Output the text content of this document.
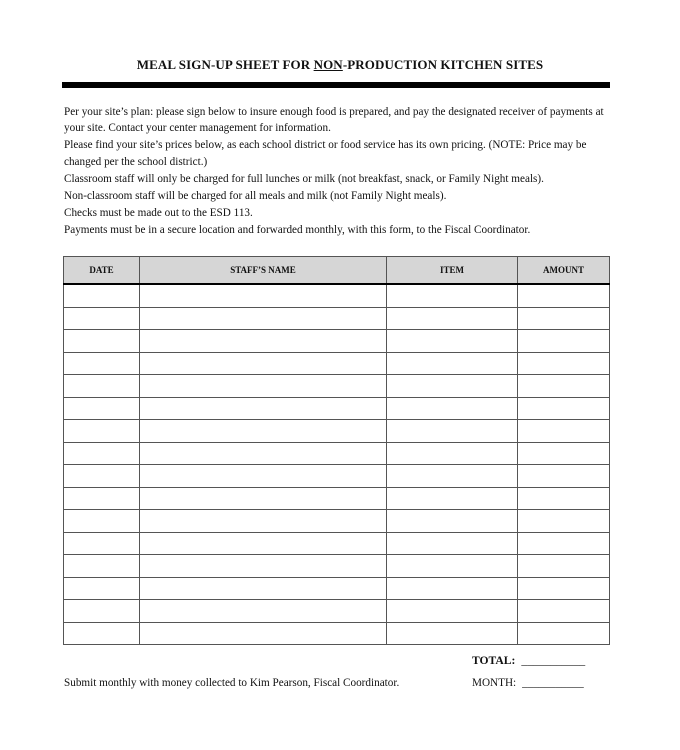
MEAL SIGN-UP SHEET FOR NON-PRODUCTION KITCHEN SITES

Per your site’s plan: please sign below to insure enough food is prepared, and pay the designated receiver of payments at your site. Contact your center management for information.

Please find your site’s prices below, as each school district or food service has its own pricing. (NOTE: Price may be changed per the school district.)

Classroom staff will only be charged for full lunches or milk (not breakfast, snack, or Family Night meals).

Non-classroom staff will be charged for all meals and milk (not Family Night meals).

Checks must be made out to the ESD 113.

Payments must be in a secure location and forwarded monthly, with this form, to the Fiscal Coordinator.

DATE	STAFF’S NAME	ITEM	AMOUNT

TOTAL: ___________
Submit monthly with money collected to Kim Pearson, Fiscal Coordinator.	MONTH: ___________
